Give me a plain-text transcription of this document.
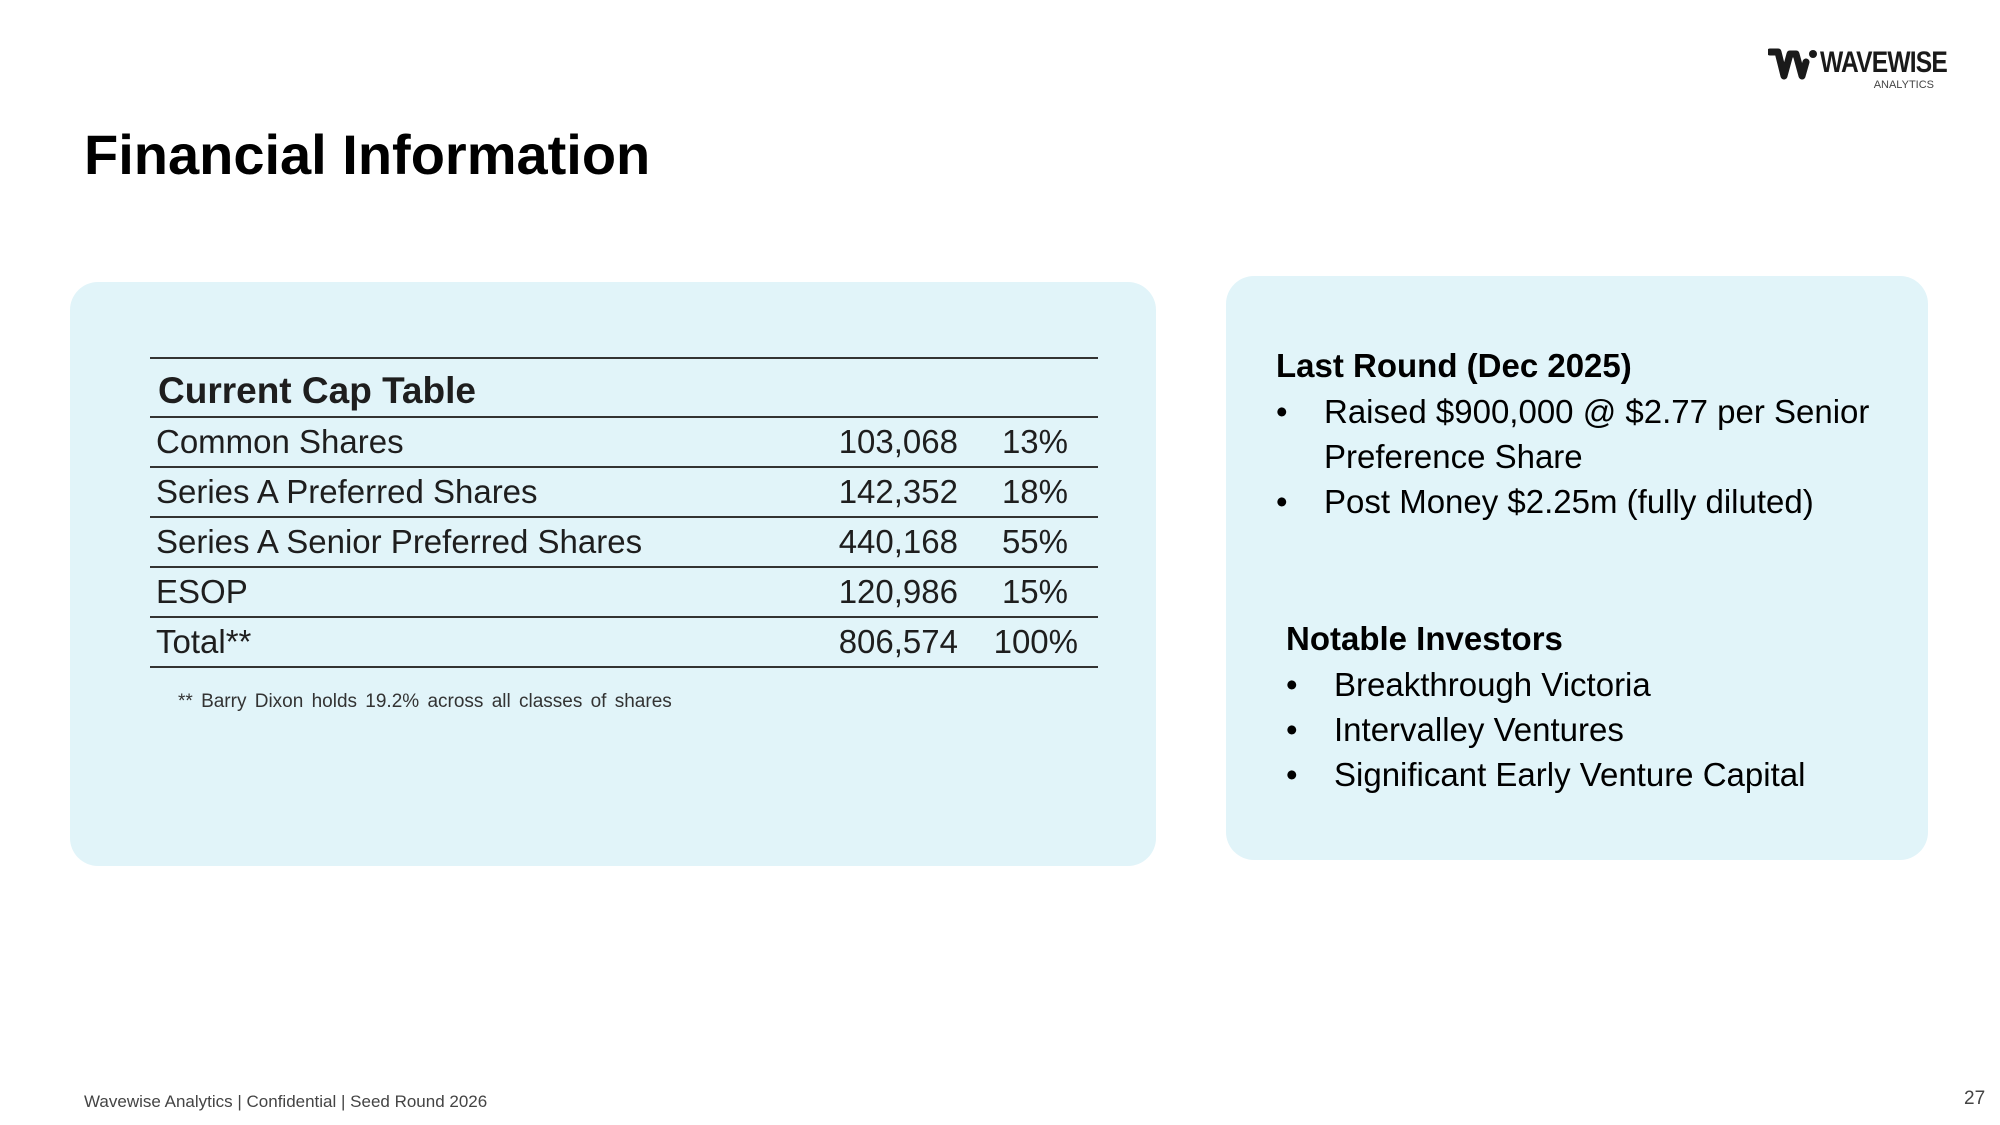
WAVEWISE
ANALYTICS
Financial Information
Current Cap Table		
Common Shares	103,068	13%
Series A Preferred Shares	142,352	18%
Series A Senior Preferred Shares	440,168	55%
ESOP	120,986	15%
Total**	806,574	100%
** Barry Dixon holds 19.2% across all classes of shares
Last Round (Dec 2025)
• Raised $900,000 @ $2.77 per Senior Preference Share
• Post Money $2.25m (fully diluted)
Notable Investors
• Breakthrough Victoria
• Intervalley Ventures
• Significant Early Venture Capital
Wavewise Analytics | Confidential | Seed Round 2026	27
